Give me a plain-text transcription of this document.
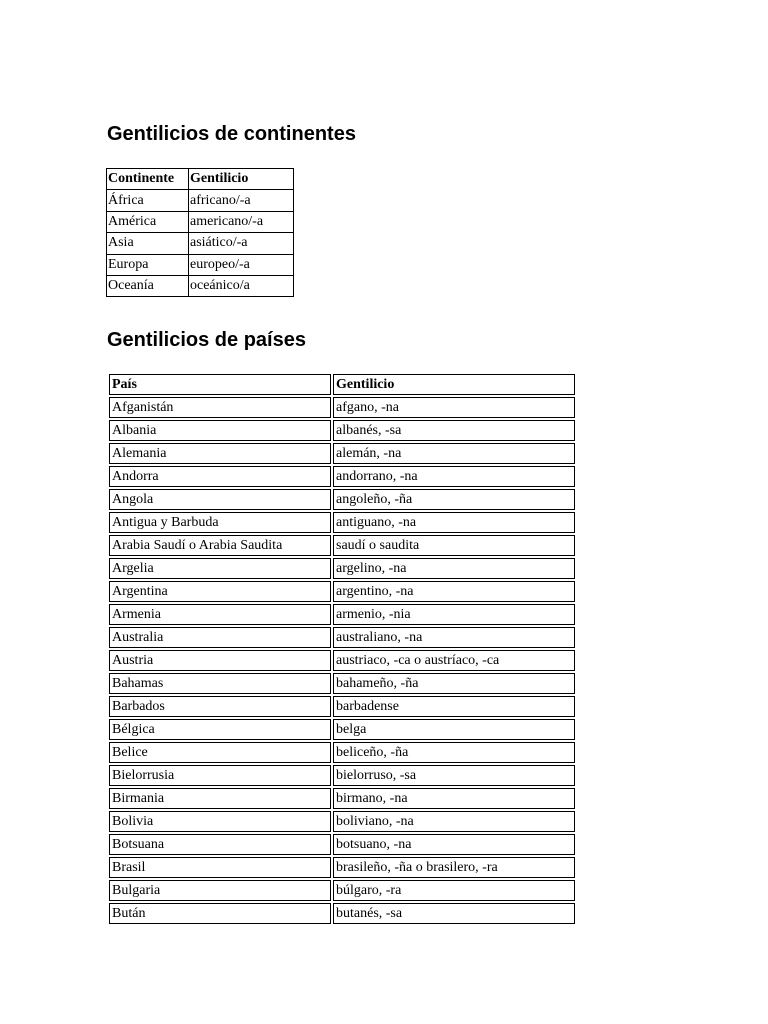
Gentilicios de continentes
Continente	Gentilicio
África	africano/-a
América	americano/-a
Asia	asiático/-a
Europa	europeo/-a
Oceanía	oceánico/a
Gentilicios de países
País	Gentilicio
Afganistán	afgano, -na
Albania	albanés, -sa
Alemania	alemán, -na
Andorra	andorrano, -na
Angola	angoleño, -ña
Antigua y Barbuda	antiguano, -na
Arabia Saudí o Arabia Saudita	saudí o saudita
Argelia	argelino, -na
Argentina	argentino, -na
Armenia	armenio, -nia
Australia	australiano, -na
Austria	austriaco, -ca o austríaco, -ca
Bahamas	bahameño, -ña
Barbados	barbadense
Bélgica	belga
Belice	beliceño, -ña
Bielorrusia	bielorruso, -sa
Birmania	birmano, -na
Bolivia	boliviano, -na
Botsuana	botsuano, -na
Brasil	brasileño, -ña o brasilero, -ra
Bulgaria	búlgaro, -ra
Bután	butanés, -sa
